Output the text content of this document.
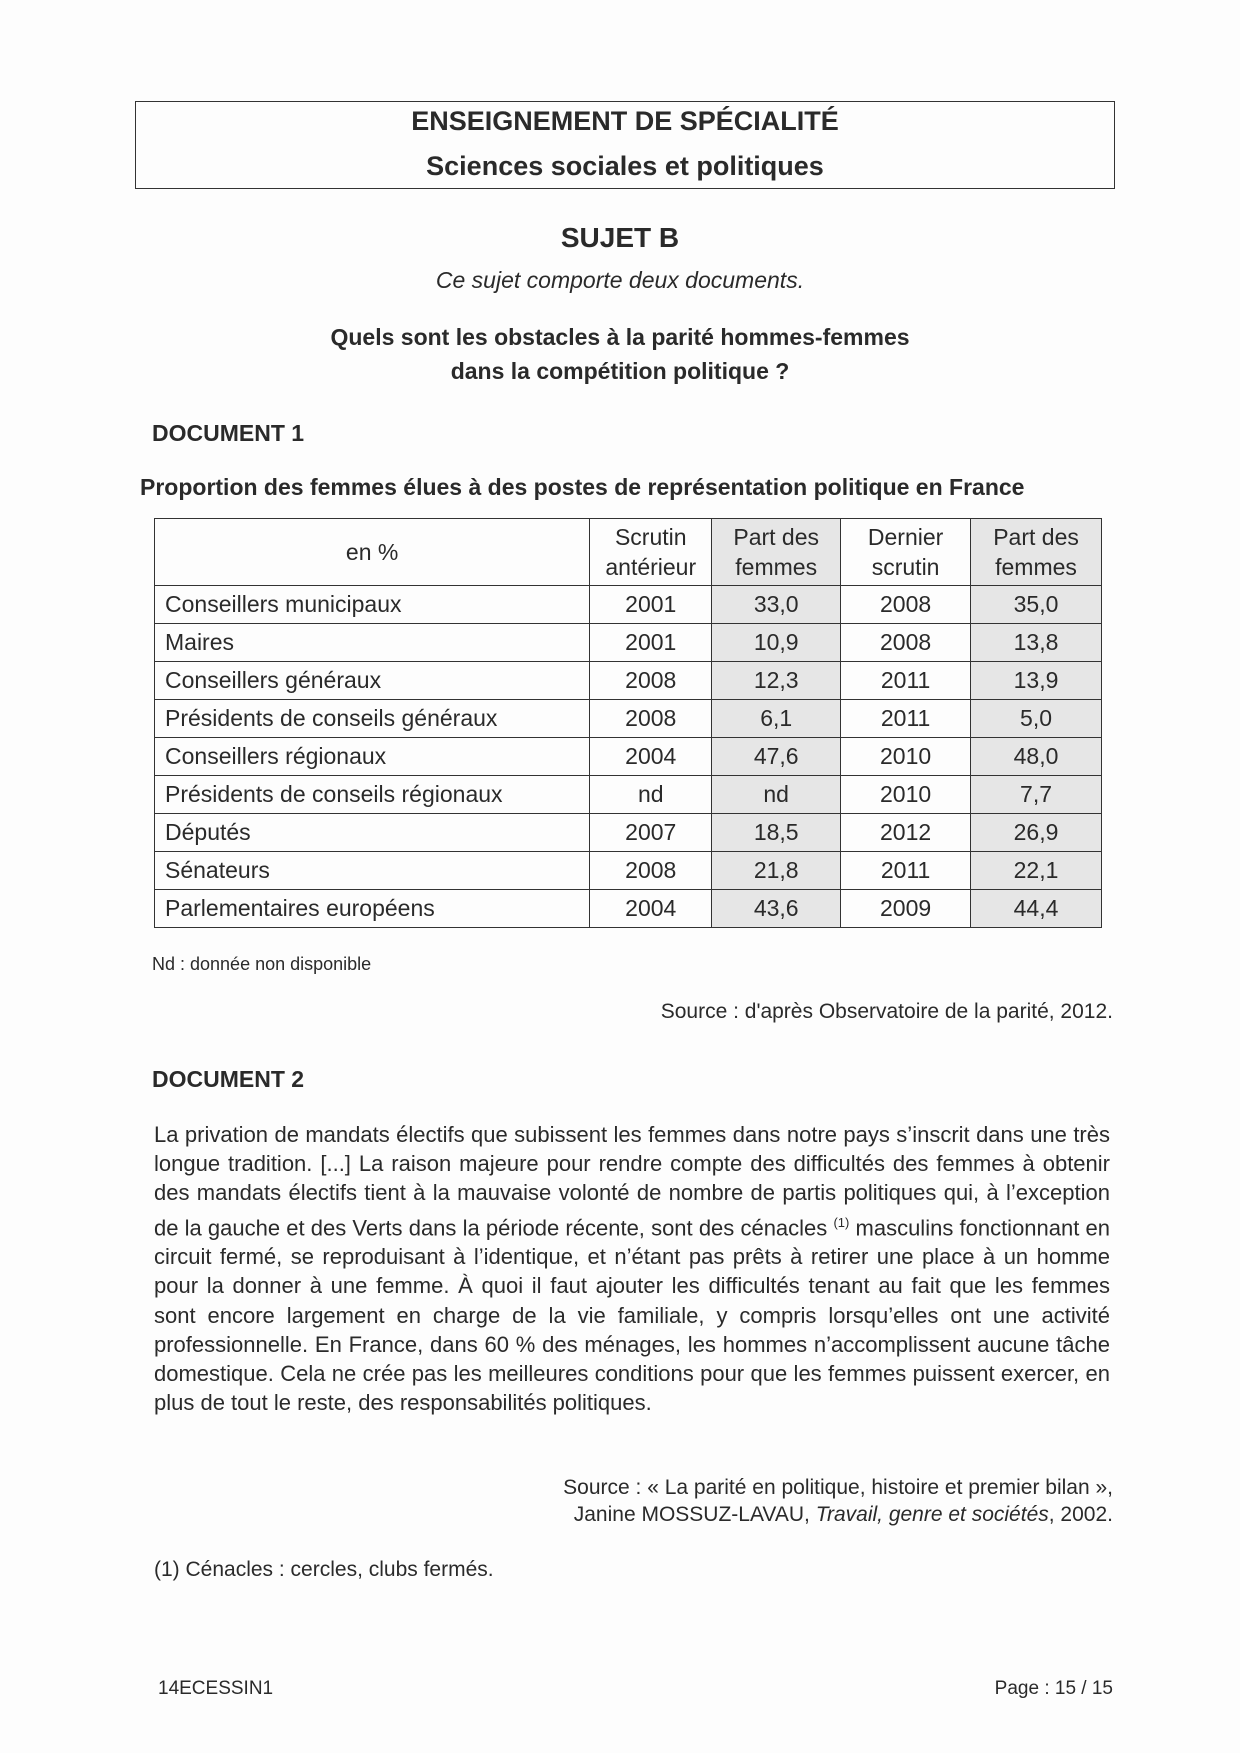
ENSEIGNEMENT DE SPÉCIALITÉ
Sciences sociales et politiques
SUJET B
Ce sujet comporte deux documents.
Quels sont les obstacles à la parité hommes-femmes
dans la compétition politique ?
DOCUMENT 1
Proportion des femmes élues à des postes de représentation politique en France
en %	Scrutin antérieur	Part des femmes	Dernier scrutin	Part des femmes
Conseillers municipaux	2001	33,0	2008	35,0
Maires	2001	10,9	2008	13,8
Conseillers généraux	2008	12,3	2011	13,9
Présidents de conseils généraux	2008	6,1	2011	5,0
Conseillers régionaux	2004	47,6	2010	48,0
Présidents de conseils régionaux	nd	nd	2010	7,7
Députés	2007	18,5	2012	26,9
Sénateurs	2008	21,8	2011	22,1
Parlementaires européens	2004	43,6	2009	44,4
Nd : donnée non disponible
Source : d'après Observatoire de la parité, 2012.
DOCUMENT 2
La privation de mandats électifs que subissent les femmes dans notre pays s’inscrit dans une très longue tradition. [...] La raison majeure pour rendre compte des difficultés des femmes à obtenir des mandats électifs tient à la mauvaise volonté de nombre de partis politiques qui, à l’exception de la gauche et des Verts dans la période récente, sont des cénacles $^{(1)}$ masculins fonctionnant en circuit fermé, se reproduisant à l’identique, et n’étant pas prêts à retirer une place à un homme pour la donner à une femme. À quoi il faut ajouter les difficultés tenant au fait que les femmes sont encore largement en charge de la vie familiale, y compris lorsqu’elles ont une activité professionnelle. En France, dans 60 % des ménages, les hommes n’accomplissent aucune tâche domestique. Cela ne crée pas les meilleures conditions pour que les femmes puissent exercer, en plus de tout le reste, des responsabilités politiques.
Source : « La parité en politique, histoire et premier bilan »,
Janine MOSSUZ-LAVAU, Travail, genre et sociétés, 2002.
(1) Cénacles : cercles, clubs fermés.
14ECESSIN1	Page : 15 / 15
